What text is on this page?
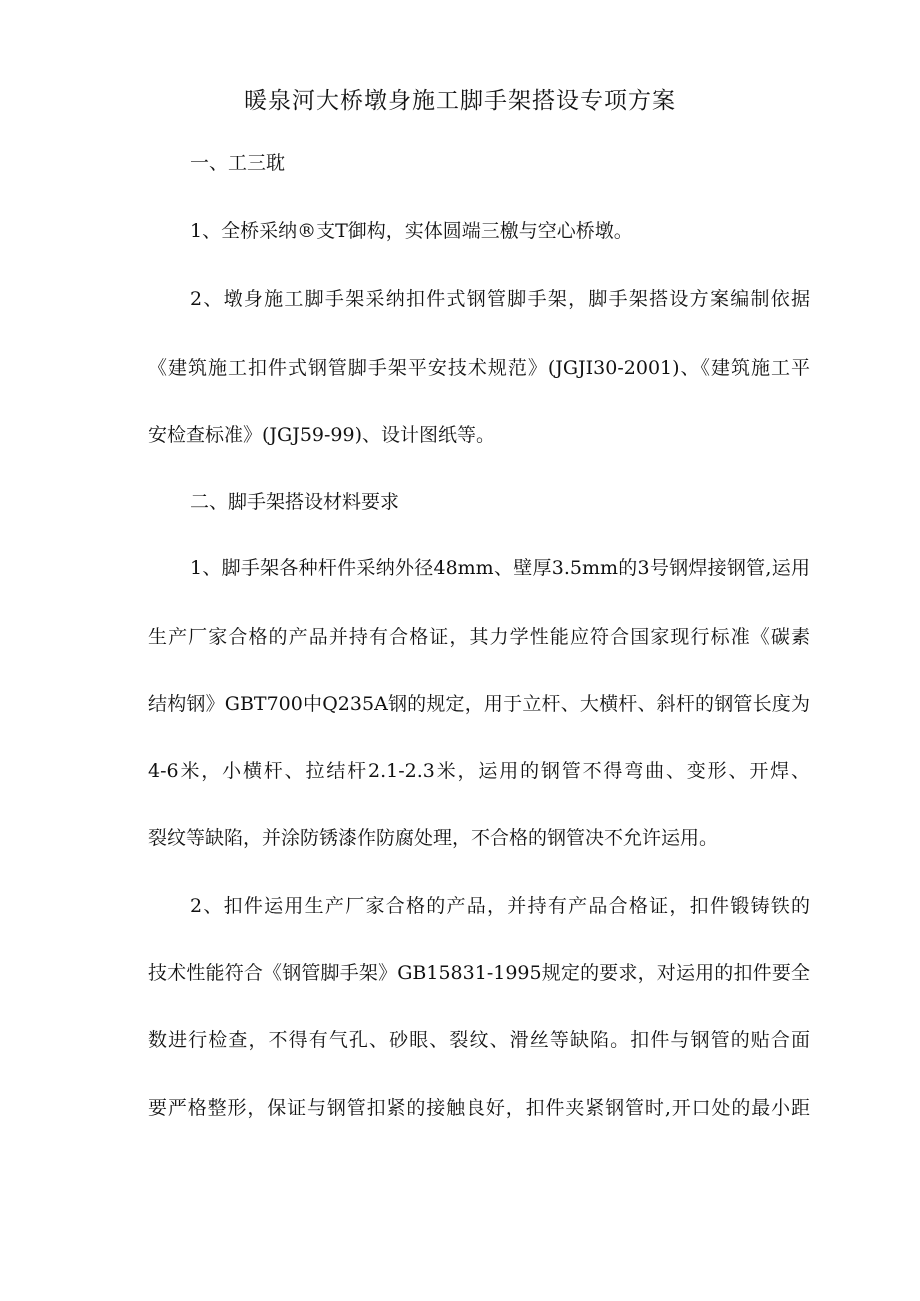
暖泉河大桥墩身施工脚手架搭设专项方案
一、工三耽
1、全桥采纳®支T御构，实体圆端三檄与空心桥墩。
2、墩身施工脚手架采纳扣件式钢管脚手架，脚手架搭设方案编制依据
《建筑施工扣件式钢管脚手架平安技术规范》(JGJI30-2001)、《建筑施工平
安检查标准》(JGJ59-99)、设计图纸等。
二、脚手架搭设材料要求
1、脚手架各种杆件采纳外径48mm、壁厚3.5mm的3号钢焊接钢管,运用
生产厂家合格的产品并持有合格证，其力学性能应符合国家现行标准《碳素
结构钢》GBT700中Q235A钢的规定，用于立杆、大横杆、斜杆的钢管长度为
4-6米，小横杆、拉结杆2.1-2.3米，运用的钢管不得弯曲、变形、开焊、
裂纹等缺陷，并涂防锈漆作防腐处理，不合格的钢管决不允许运用。
2、扣件运用生产厂家合格的产品，并持有产品合格证，扣件锻铸铁的
技术性能符合《钢管脚手架》GB15831-1995规定的要求，对运用的扣件要全
数进行检查，不得有气孔、砂眼、裂纹、滑丝等缺陷。扣件与钢管的贴合面
要严格整形，保证与钢管扣紧的接触良好，扣件夹紧钢管时,开口处的最小距
